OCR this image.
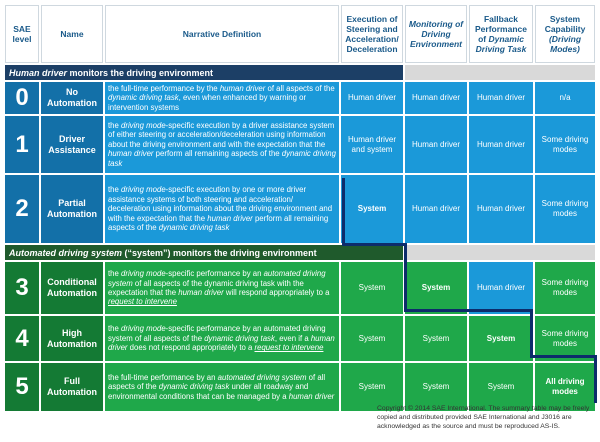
SAE level	Name	Narrative Definition	Execution of Steering and Acceleration/ Deceleration	Monitoring of Driving Environment	Fallback Performance of Dynamic Driving Task	System Capability (Driving Modes)
Human driver monitors the driving environment						
0	No Automation	the full-time performance by the human driver of all aspects of the dynamic driving task, even when enhanced by warning or intervention systems	Human driver	Human driver	Human driver	n/a
1	Driver Assistance	the driving mode-specific execution by a driver assistance system of either steering or acceleration/deceleration using information about the driving environment and with the expectation that the human driver perform all remaining aspects of the dynamic driving task	Human driver and system	Human driver	Human driver	Some driving modes
2	Partial Automation	the driving mode-specific execution by one or more driver assistance systems of both steering and acceleration/ deceleration using information about the driving environment and with the expectation that the human driver perform all remaining aspects of the dynamic driving task	System	Human driver	Human driver	Some driving modes
Automated driving system (“system”) monitors the driving environment						
3	Conditional Automation	the driving mode-specific performance by an automated driving system of all aspects of the dynamic driving task with the expectation that the human driver will respond appropriately to a request to intervene	System	System	Human driver	Some driving modes
4	High Automation	the driving mode-specific performance by an automated driving system of all aspects of the dynamic driving task, even if a human driver does not respond appropriately to a request to intervene	System	System	System	Some driving modes
5	Full Automation	the full-time performance by an automated driving system of all aspects of the dynamic driving task under all roadway and environmental conditions that can be managed by a human driver	System	System	System	All driving modes
Copyright © 2014 SAE International. The summary table may be freely copied and distributed provided SAE International and J3016 are acknowledged as the source and must be reproduced AS-IS.
